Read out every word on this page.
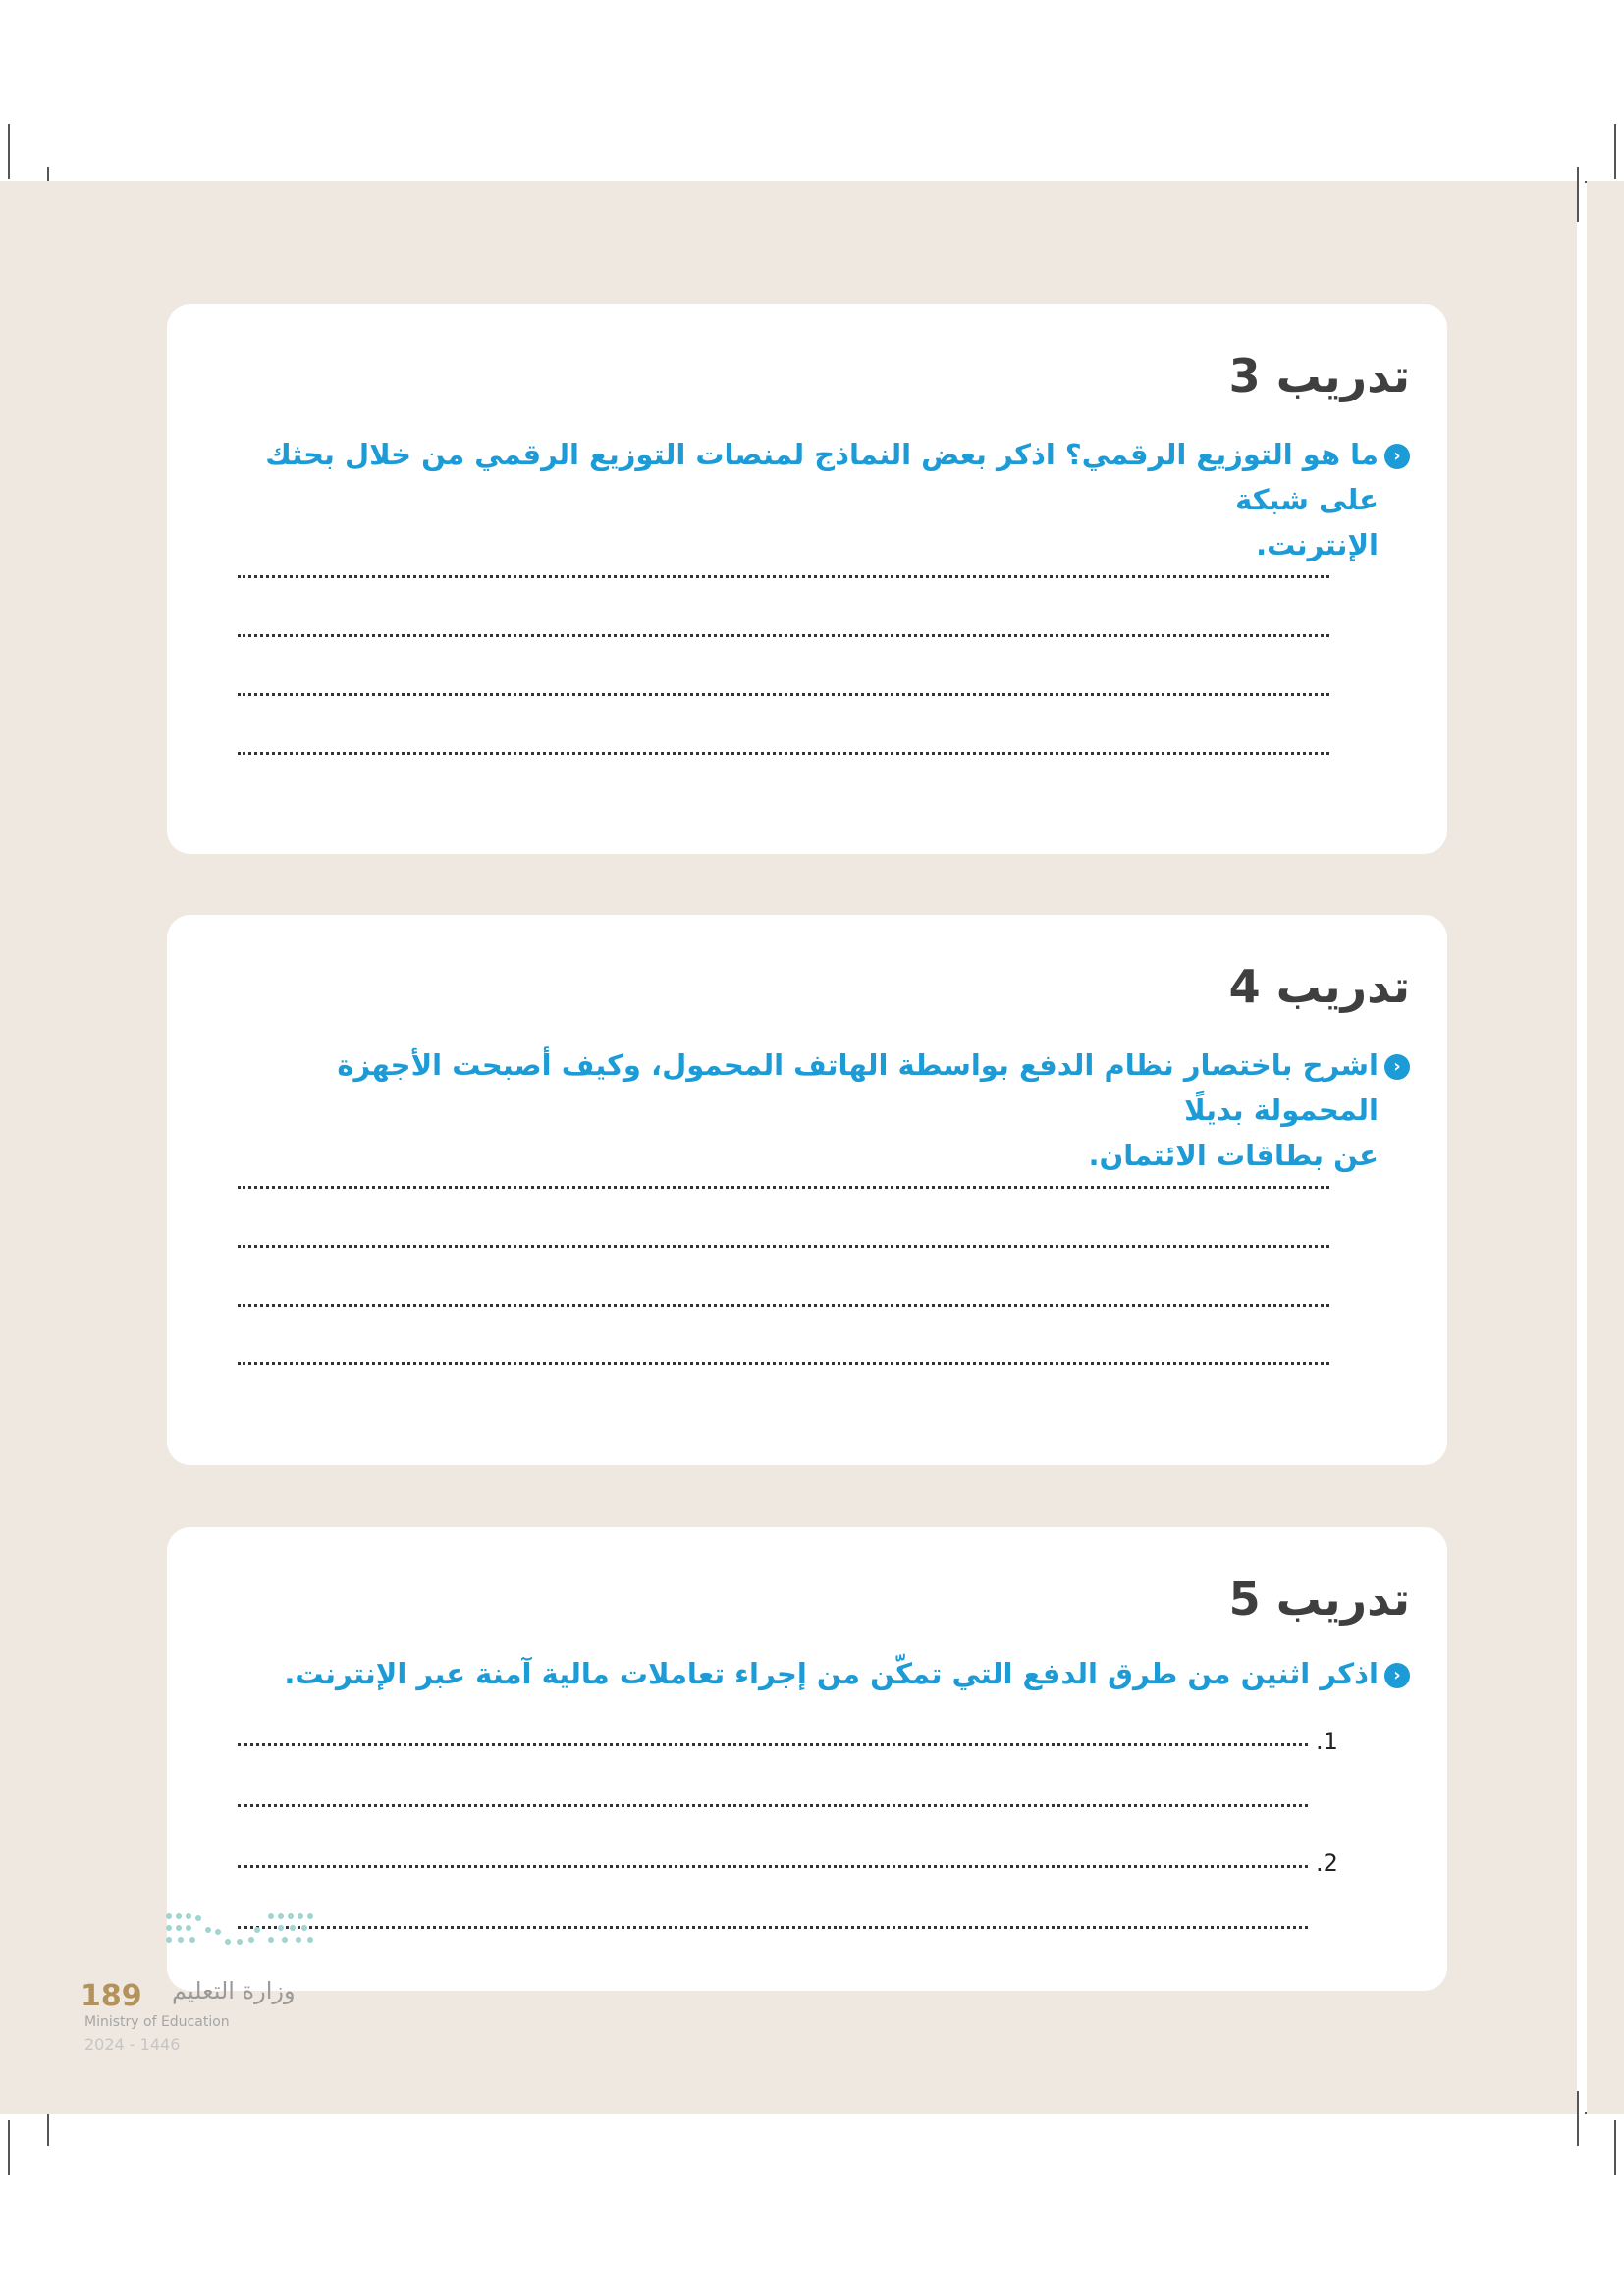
تدريب 3
›
ما هو التوزيع الرقمي؟ اذكر بعض النماذج لمنصات التوزيع الرقمي من خلال بحثك على شبكة
الإنترنت.
تدريب 4
›
اشرح باختصار نظام الدفع بواسطة الهاتف المحمول، وكيف أصبحت الأجهزة المحمولة بديلًا
عن بطاقات الائتمان.
تدريب 5
›
اذكر اثنين من طرق الدفع التي تمكّن من إجراء تعاملات مالية آمنة عبر الإنترنت.
.1
.2
189 وزارة التعليم
Ministry of Education
2024 - 1446
